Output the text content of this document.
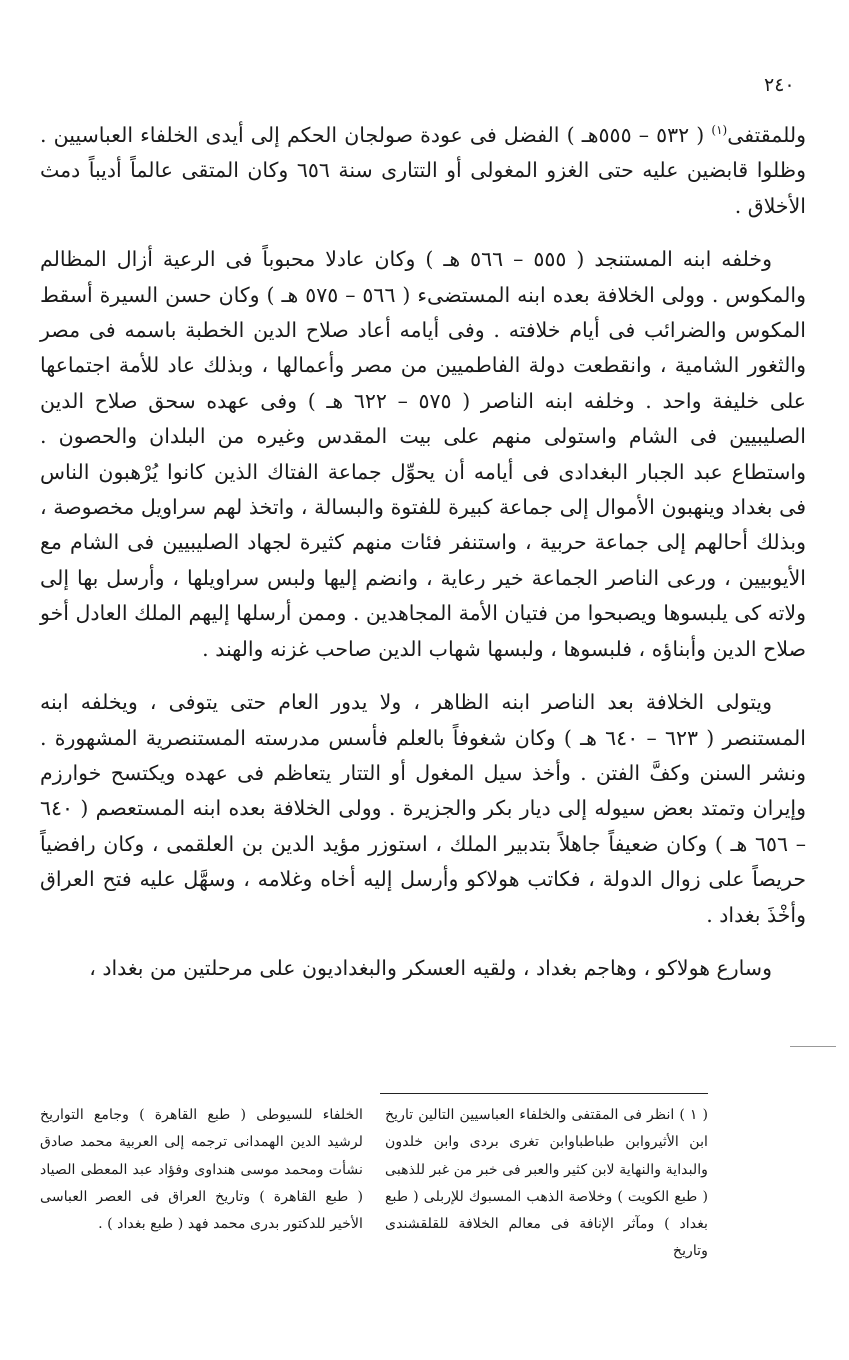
٢٤٠

وللمقتفى$^{(١)}$ ( ٥٣٢ – ٥٥٥هـ ) الفضل فى عودة صولجان الحكم إلى أيدى الخلفاء العباسيين . وظلوا قابضين عليه حتى الغزو المغولى أو التتارى سنة ٦٥٦ وكان المتقى عالماً أديباً دمث الأخلاق .

وخلفه ابنه المستنجد ( ٥٥٥ – ٥٦٦ هـ ) وكان عادلا محبوباً فى الرعية أزال المظالم والمكوس . وولى الخلافة بعده ابنه المستضىء ( ٥٦٦ – ٥٧٥ هـ ) وكان حسن السيرة أسقط المكوس والضرائب فى أيام خلافته . وفى أيامه أعاد صلاح الدين الخطبة باسمه فى مصر والثغور الشامية ، وانقطعت دولة الفاطميين من مصر وأعمالها ، وبذلك عاد للأمة اجتماعها على خليفة واحد . وخلفه ابنه الناصر ( ٥٧٥ – ٦٢٢ هـ ) وفى عهده سحق صلاح الدين الصليبيين فى الشام واستولى منهم على بيت المقدس وغيره من البلدان والحصون . واستطاع عبد الجبار البغدادى فى أيامه أن يحوِّل جماعة الفتاك الذين كانوا يُرْهبون الناس فى بغداد وينهبون الأموال إلى جماعة كبيرة للفتوة والبسالة ، واتخذ لهم سراويل مخصوصة ، وبذلك أحالهم إلى جماعة حربية ، واستنفر فئات منهم كثيرة لجهاد الصليبيين فى الشام مع الأيوبيين ، ورعى الناصر الجماعة خير رعاية ، وانضم إليها ولبس سراويلها ، وأرسل بها إلى ولاته كى يلبسوها ويصبحوا من فتيان الأمة المجاهدين . وممن أرسلها إليهم الملك العادل أخو صلاح الدين وأبناؤه ، فلبسوها ، ولبسها شهاب الدين صاحب غزنه والهند .

ويتولى الخلافة بعد الناصر ابنه الظاهر ، ولا يدور العام حتى يتوفى ، ويخلفه ابنه المستنصر ( ٦٢٣ – ٦٤٠ هـ ) وكان شغوفاً بالعلم فأسس مدرسته المستنصرية المشهورة . ونشر السنن وكفَّ الفتن . وأخذ سيل المغول أو التتار يتعاظم فى عهده ويكتسح خوارزم وإيران وتمتد بعض سيوله إلى ديار بكر والجزيرة . وولى الخلافة بعده ابنه المستعصم ( ٦٤٠ – ٦٥٦ هـ ) وكان ضعيفاً جاهلاً بتدبير الملك ، استوزر مؤيد الدين بن العلقمى ، وكان رافضياً حريصاً على زوال الدولة ، فكاتب هولاكو وأرسل إليه أخاه وغلامه ، وسهَّل عليه فتح العراق وأخْذَ بغداد .

وسارع هولاكو ، وهاجم بغداد ، ولقيه العسكر والبغداديون على مرحلتين من بغداد ،

( ١ ) انظر فى المقتفى والخلفاء العباسيين التالين تاريخ ابن الأثيروابن طباطباوابن تغرى بردى وابن خلدون والبداية والنهاية لابن كثير والعبر فى خبر من غبر للذهبى ( طبع الكويت ) وخلاصة الذهب المسبوك للإربلى ( طبع بغداد ) ومآثر الإنافة فى معالم الخلافة للقلقشندى وتاريخ
الخلفاء للسيوطى ( طبع القاهرة ) وجامع التواريخ لرشيد الدين الهمدانى ترجمه إلى العربية محمد صادق نشأت ومحمد موسى هنداوى وفؤاد عبد المعطى الصياد ( طبع القاهرة ) وتاريخ العراق فى العصر العباسى الأخير للدكتور بدرى محمد فهد ( طبع بغداد ) .
